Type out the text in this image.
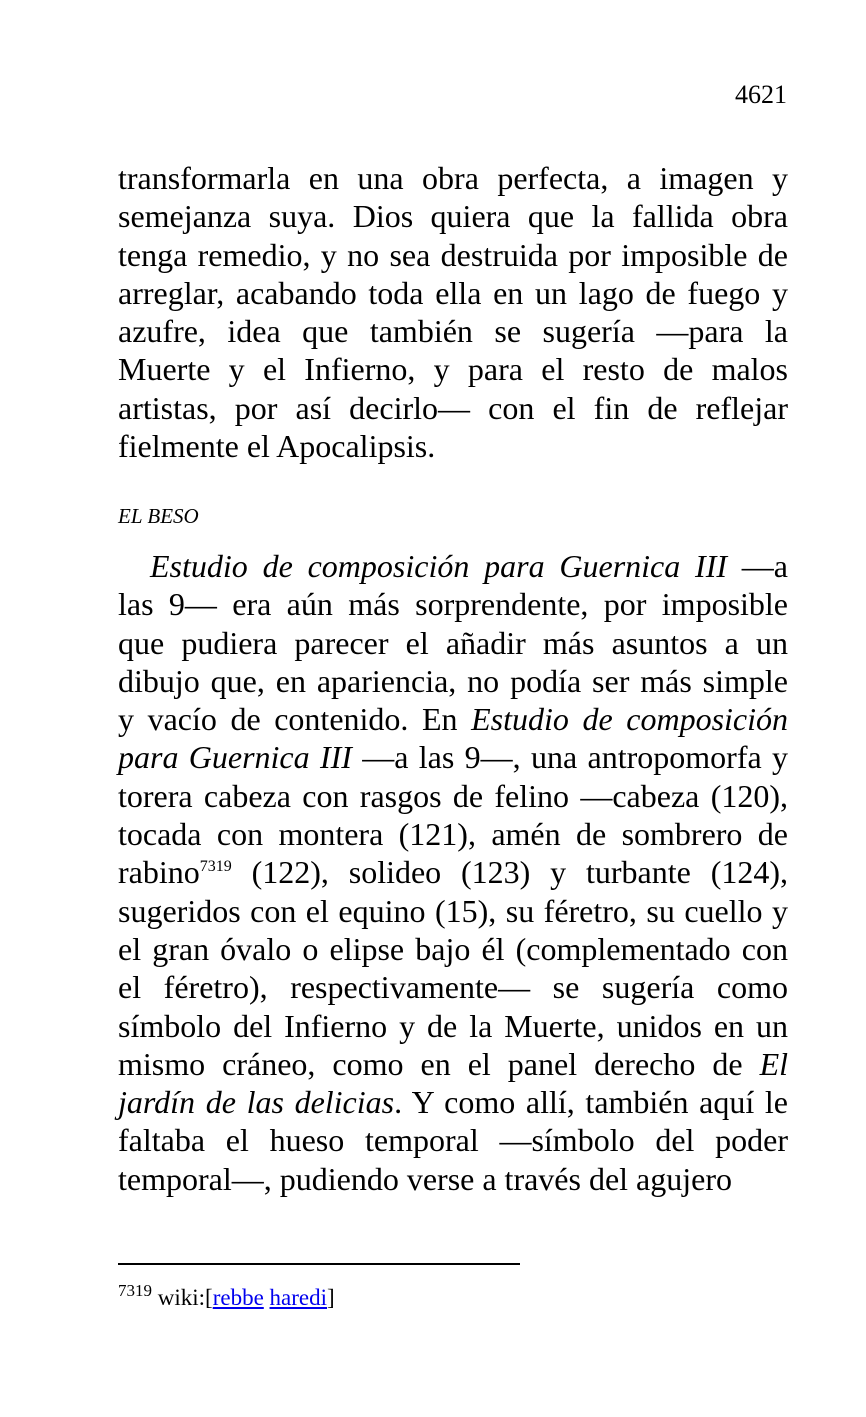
4621

transformarla en una obra perfecta, a imagen y semejanza suya. Dios quiera que la fallida obra tenga remedio, y no sea destruida por imposible de arreglar, acabando toda ella en un lago de fuego y azufre, idea que también se sugería —para la Muerte y el Infierno, y para el resto de malos artistas, por así decirlo— con el fin de reflejar fielmente el Apocalipsis.

EL BESO

Estudio de composición para Guernica III —a las 9— era aún más sorprendente, por imposible que pudiera parecer el añadir más asuntos a un dibujo que, en apariencia, no podía ser más simple y vacío de contenido. En Estudio de composición para Guernica III —a las 9—, una antropomorfa y torera cabeza con rasgos de felino —cabeza (120), tocada con montera (121), amén de sombrero de rabino$^{7319}$ (122), solideo (123) y turbante (124), sugeridos con el equino (15), su féretro, su cuello y el gran óvalo o elipse bajo él (complementado con el féretro), respectivamente— se sugería como símbolo del Infierno y de la Muerte, unidos en un mismo cráneo, como en el panel derecho de El jardín de las delicias. Y como allí, también aquí le faltaba el hueso temporal —símbolo del poder temporal—, pudiendo verse a través del agujero

$^{7319}$ wiki:[rebbe haredi]
